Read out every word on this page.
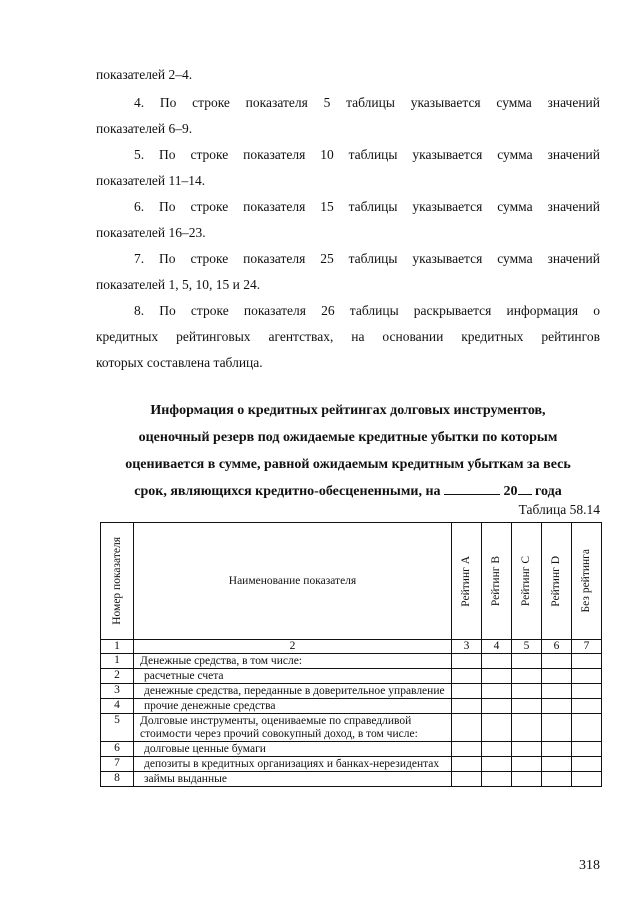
показателей 2–4.
4. По строке показателя 5 таблицы указывается сумма значений
показателей 6–9.
5. По строке показателя 10 таблицы указывается сумма значений
показателей 11–14.
6. По строке показателя 15 таблицы указывается сумма значений
показателей 16–23.
7. По строке показателя 25 таблицы указывается сумма значений
показателей 1, 5, 10, 15 и 24.
8. По строке показателя 26 таблицы раскрывается информация о
кредитных рейтинговых агентствах, на основании кредитных рейтингов
которых составлена таблица.
Информация о кредитных рейтингах долговых инструментов,
оценочный резерв под ожидаемые кредитные убытки по которым
оценивается в сумме, равной ожидаемым кредитным убыткам за весь
срок, являющихся кредитно-обесцененными, на	20 года
Таблица 58.14
Номер показателя	Наименование показателя	Рейтинг A	Рейтинг B	Рейтинг C	Рейтинг D	Без рейтинга

1	2	3	4	5	6	7
1	Денежные средства, в том числе:					
2	расчетные счета					
3	денежные средства, переданные в доверительное управление					
4	прочие денежные средства					
5	Долговые инструменты, оцениваемые по справедливой стоимости через прочий совокупный доход, в том числе:					
6	долговые ценные бумаги					
7	депозиты в кредитных организациях и банках-нерезидентах					
8	займы выданные					
318
